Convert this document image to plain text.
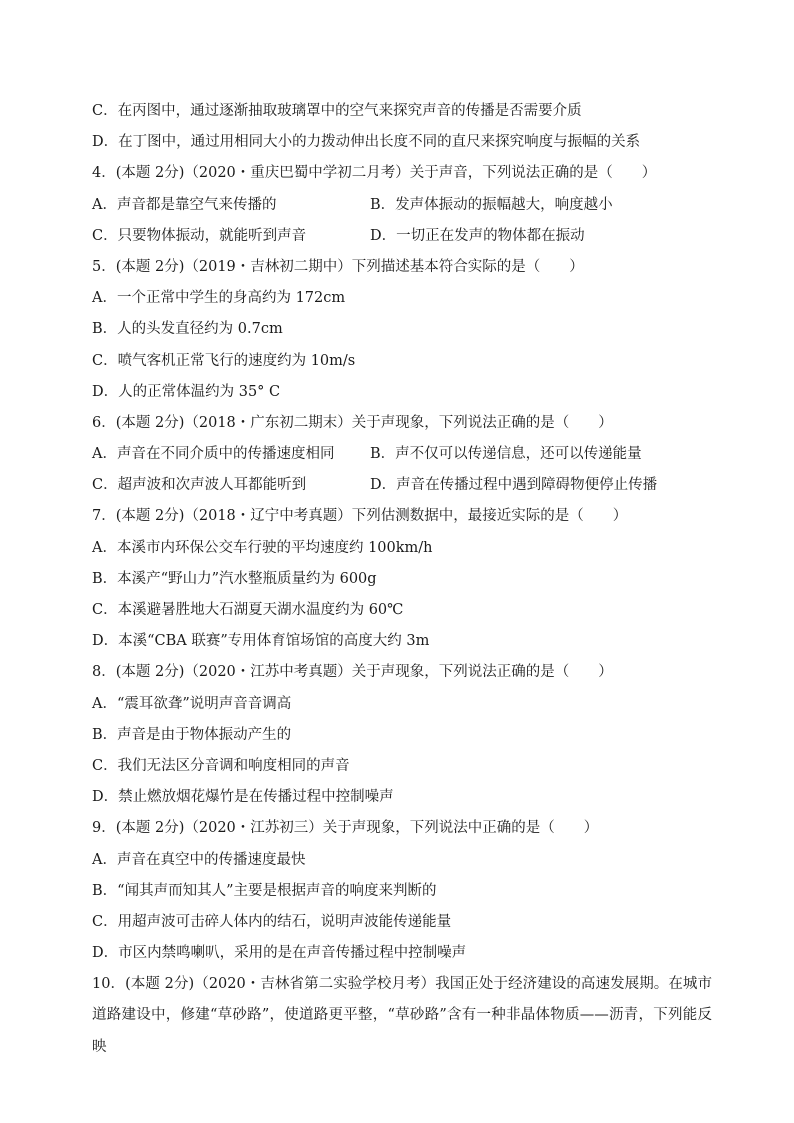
C．在丙图中，通过逐渐抽取玻璃罩中的空气来探究声音的传播是否需要介质
D．在丁图中，通过用相同大小的力拨动伸出长度不同的直尺来探究响度与振幅的关系
4．(本题 2分)（2020・重庆巴蜀中学初二月考）关于声音，下列说法正确的是（　　）
A．声音都是靠空气来传播的	B．发声体振动的振幅越大，响度越小
C．只要物体振动，就能听到声音	D．一切正在发声的物体都在振动
5．(本题 2分)（2019・吉林初二期中）下列描述基本符合实际的是（　　）
A．一个正常中学生的身高约为 172cm
B．人的头发直径约为 0.7cm
C．喷气客机正常飞行的速度约为 10m/s
D．人的正常体温约为 35° C
6．(本题 2分)（2018・广东初二期末）关于声现象，下列说法正确的是（　　）
A．声音在不同介质中的传播速度相同	B．声不仅可以传递信息，还可以传递能量
C．超声波和次声波人耳都能听到	D．声音在传播过程中遇到障碍物便停止传播
7．(本题 2分)（2018・辽宁中考真题）下列估测数据中，最接近实际的是（　　）
A．本溪市内环保公交车行驶的平均速度约 100km/h
B．本溪产“野山力”汽水整瓶质量约为 600g
C．本溪避暑胜地大石湖夏天湖水温度约为 60℃
D．本溪“CBA 联赛”专用体育馆场馆的高度大约 3m
8．(本题 2分)（2020・江苏中考真题）关于声现象，下列说法正确的是（　　）
A．“震耳欲聋”说明声音音调高
B．声音是由于物体振动产生的
C．我们无法区分音调和响度相同的声音
D．禁止燃放烟花爆竹是在传播过程中控制噪声
9．(本题 2分)（2020・江苏初三）关于声现象，下列说法中正确的是（　　）
A．声音在真空中的传播速度最快
B．“闻其声而知其人”主要是根据声音的响度来判断的
C．用超声波可击碎人体内的结石，说明声波能传递能量
D．市区内禁鸣喇叭，采用的是在声音传播过程中控制噪声
10．(本题 2分)（2020・吉林省第二实验学校月考）我国正处于经济建设的高速发展期。在城市道路建设中，修建“草砂路”，使道路更平整，“草砂路”含有一种非晶体物质——沥青，下列能反映
